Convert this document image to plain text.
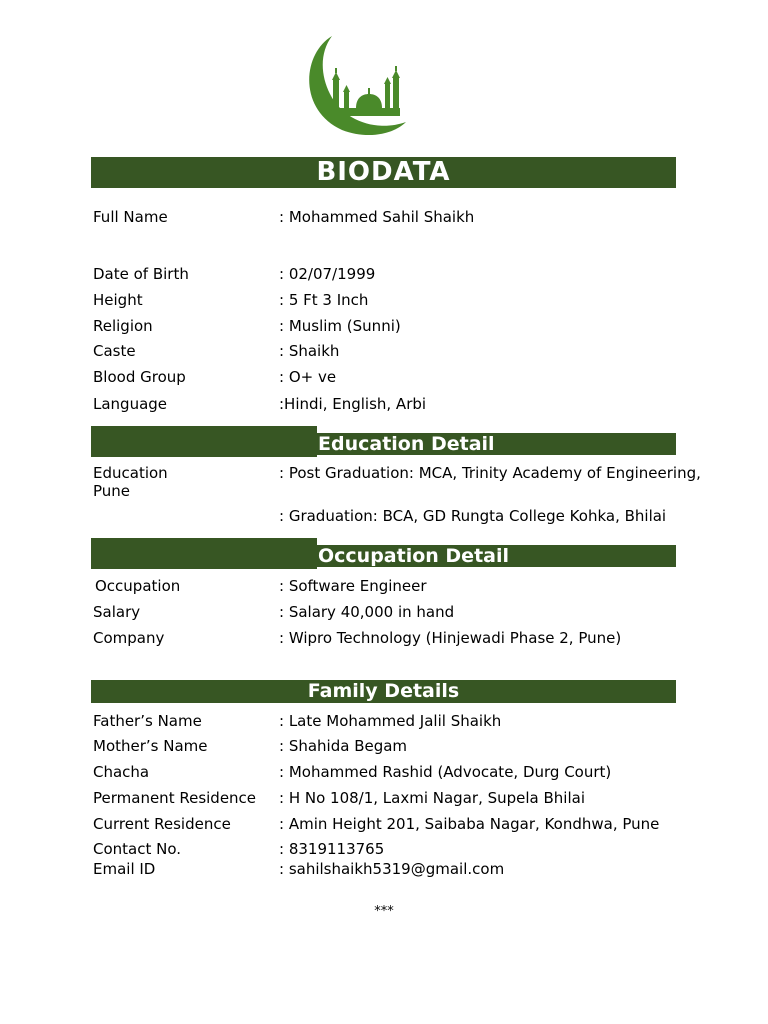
BIODATA
Full Name	: Mohammed Sahil Shaikh
Date of Birth	: 02/07/1999
Height	: 5 Ft 3 Inch
Religion	: Muslim (Sunni)
Caste	: Shaikh
Blood Group	: O+ ve
Language	:Hindi, English, Arbi
Education Detail
Education	: Post Graduation: MCA, Trinity Academy of Engineering,
Pune
: Graduation: BCA, GD Rungta College Kohka, Bhilai
Occupation Detail
Occupation	: Software Engineer
Salary	: Salary 40,000 in hand
Company	: Wipro Technology (Hinjewadi Phase 2, Pune)
Family Details
Father’s Name	: Late Mohammed Jalil Shaikh
Mother’s Name	: Shahida Begam
Chacha	: Mohammed Rashid (Advocate, Durg Court)
Permanent Residence : H No 108/1, Laxmi Nagar, Supela Bhilai
Current Residence	: Amin Height 201, Saibaba Nagar, Kondhwa, Pune
Contact No.	: 8319113765
Email ID	: sahilshaikh5319@gmail.com
***
